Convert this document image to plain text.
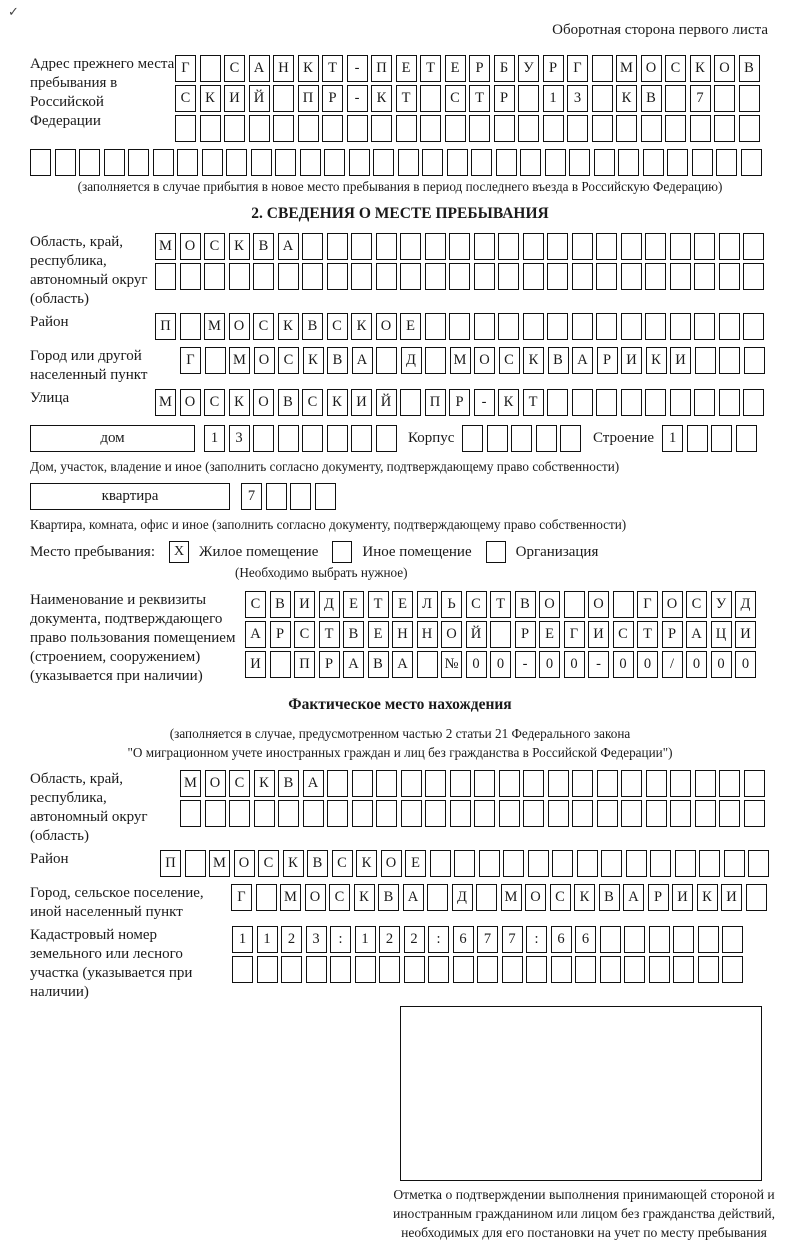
✓
Оборотная сторона первого листа
Адрес прежнего места пребывания в Российской Федерации
Г	С А Н К	Т	-	П	Е	Т	Е	Р	Б	У	Р	Г	М О С	К О В
С	К И Й	П	Р	-	К	Т	С	Т	Р	1	3	К	В	7
(заполняется в случае прибытия в новое место пребывания в период последнего въезда в Российскую Федерацию)
2. СВЕДЕНИЯ О МЕСТЕ ПРЕБЫВАНИЯ
Область, край, республика, автономный округ (область)
М О С	К	В А
Район	П	М О С	К	В	С	К О	Е
Город или другой населенный пункт
Г	М О С	К	В А	Д	М О С	К	В А	Р	И К И
Улица	М О С	К О В	С	К И Й	П	Р	-	К	Т
дом	1	3	Корпус	Строение	1
Дом, участок, владение и иное (заполнить согласно документу, подтверждающему право собственности)
квартира	7
Квартира, комната, офис и иное (заполнить согласно документу, подтверждающему право собственности)
Место пребывания:	X Жилое помещение	Иное помещение	Организация
(Необходимо выбрать нужное)
Наименование и реквизиты документа, подтверждающего право пользования помещением (строением, сооружением) (указывается при наличии)
С	В И Д	Е	Т	Е	Л	Ь	С	Т	В О	О	Г	О С	У Д
А	Р	С	Т	В	Е	Н Н О Й	Р	Е	Г	И С	Т	Р	А Ц И
И	П	Р	А В А	№ 0	0	-	0	0	-	0	0	/	0	0	0
Фактическое место нахождения
(заполняется в случае, предусмотренном частью 2 статьи 21 Федерального закона
"О миграционном учете иностранных граждан и лиц без гражданства в Российской Федерации")
Область, край, республика, автономный округ (область)
М О С	К	В А
Район	П	М О С	К	В	С	К О	Е
Город, сельское поселение, иной населенный пункт
Г	М О С	К	В А	Д	М О С	К	В А	Р	И К И
Кадастровый номер земельного или лесного участка (указывается при наличии)
1	1	2	3	:	1	2	2	:	6	7	7	:	6	6
Отметка о подтверждении выполнения принимающей стороной и иностранным гражданином или лицом без гражданства действий, необходимых для его постановки на учет по месту пребывания
